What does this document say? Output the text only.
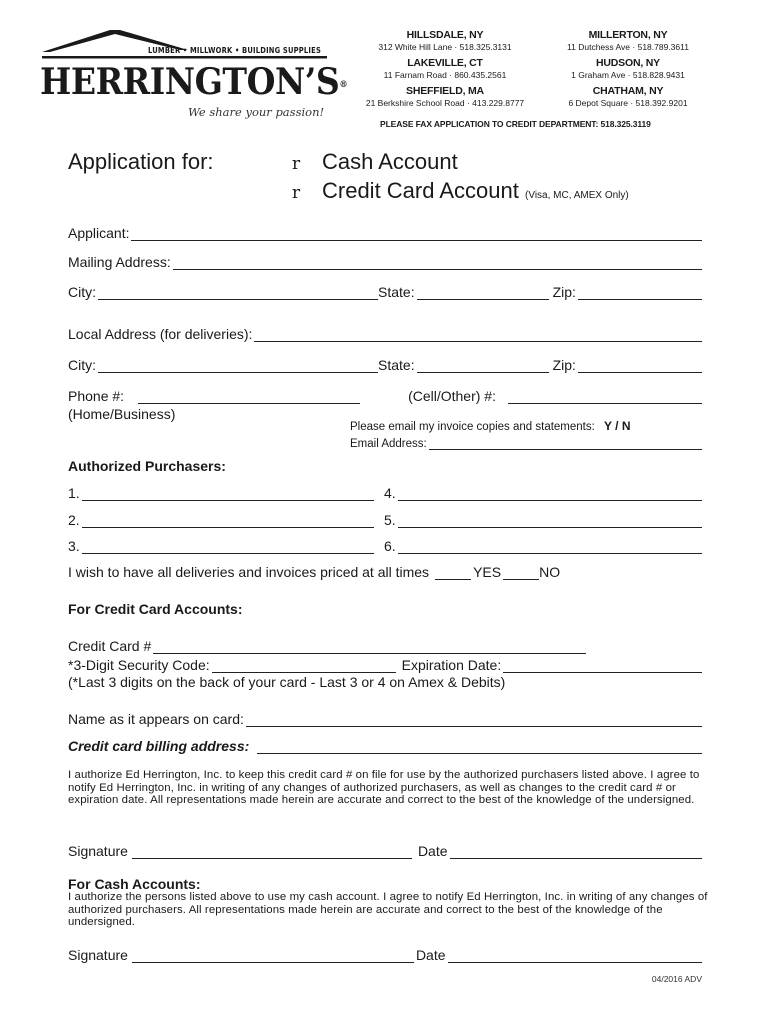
LUMBER • MILLWORK • BUILDING SUPPLIES
HERRINGTON’S®
We share your passion!
HILLSDALE, NY
312 White Hill Lane · 518.325.3131
LAKEVILLE, CT
11 Farnam Road · 860.435.2561
SHEFFIELD, MA
21 Berkshire School Road · 413.229.8777
MILLERTON, NY
11 Dutchess Ave · 518.789.3611
HUDSON, NY
1 Graham Ave · 518.828.9431
CHATHAM, NY
6 Depot Square · 518.392.9201
PLEASE FAX APPLICATION TO CREDIT DEPARTMENT: 518.325.3119
Application for:	r Cash Account
r Credit Card Account (Visa, MC, AMEX Only)
Applicant:
Mailing Address:
City:	State:	Zip:
Local Address (for deliveries):
City:	State:	Zip:
Phone #:	(Cell/Other) #:
(Home/Business)
Please email my invoice copies and statements: Y / N
Email Address:
Authorized Purchasers:
1.	4.
2.	5.
3.	6.
I wish to have all deliveries and invoices priced at all times	YES	NO
For Credit Card Accounts:
Credit Card #
*3-Digit Security Code:	Expiration Date:
(*Last 3 digits on the back of your card - Last 3 or 4 on Amex & Debits)
Name as it appears on card:
Credit card billing address:
I authorize Ed Herrington, Inc. to keep this credit card # on file for use by the authorized purchasers listed above. I agree to notify Ed Herrington, Inc. in writing of any changes of authorized purchasers, as well as changes to the credit card # or expiration date. All representations made herein are accurate and correct to the best of the knowledge of the undersigned.
Signature	Date
For Cash Accounts:
I authorize the persons listed above to use my cash account. I agree to notify Ed Herrington, Inc. in writing of any changes of authorized purchasers. All representations made herein are accurate and correct to the best of the knowledge of the undersigned.
Signature	Date
04/2016 ADV
